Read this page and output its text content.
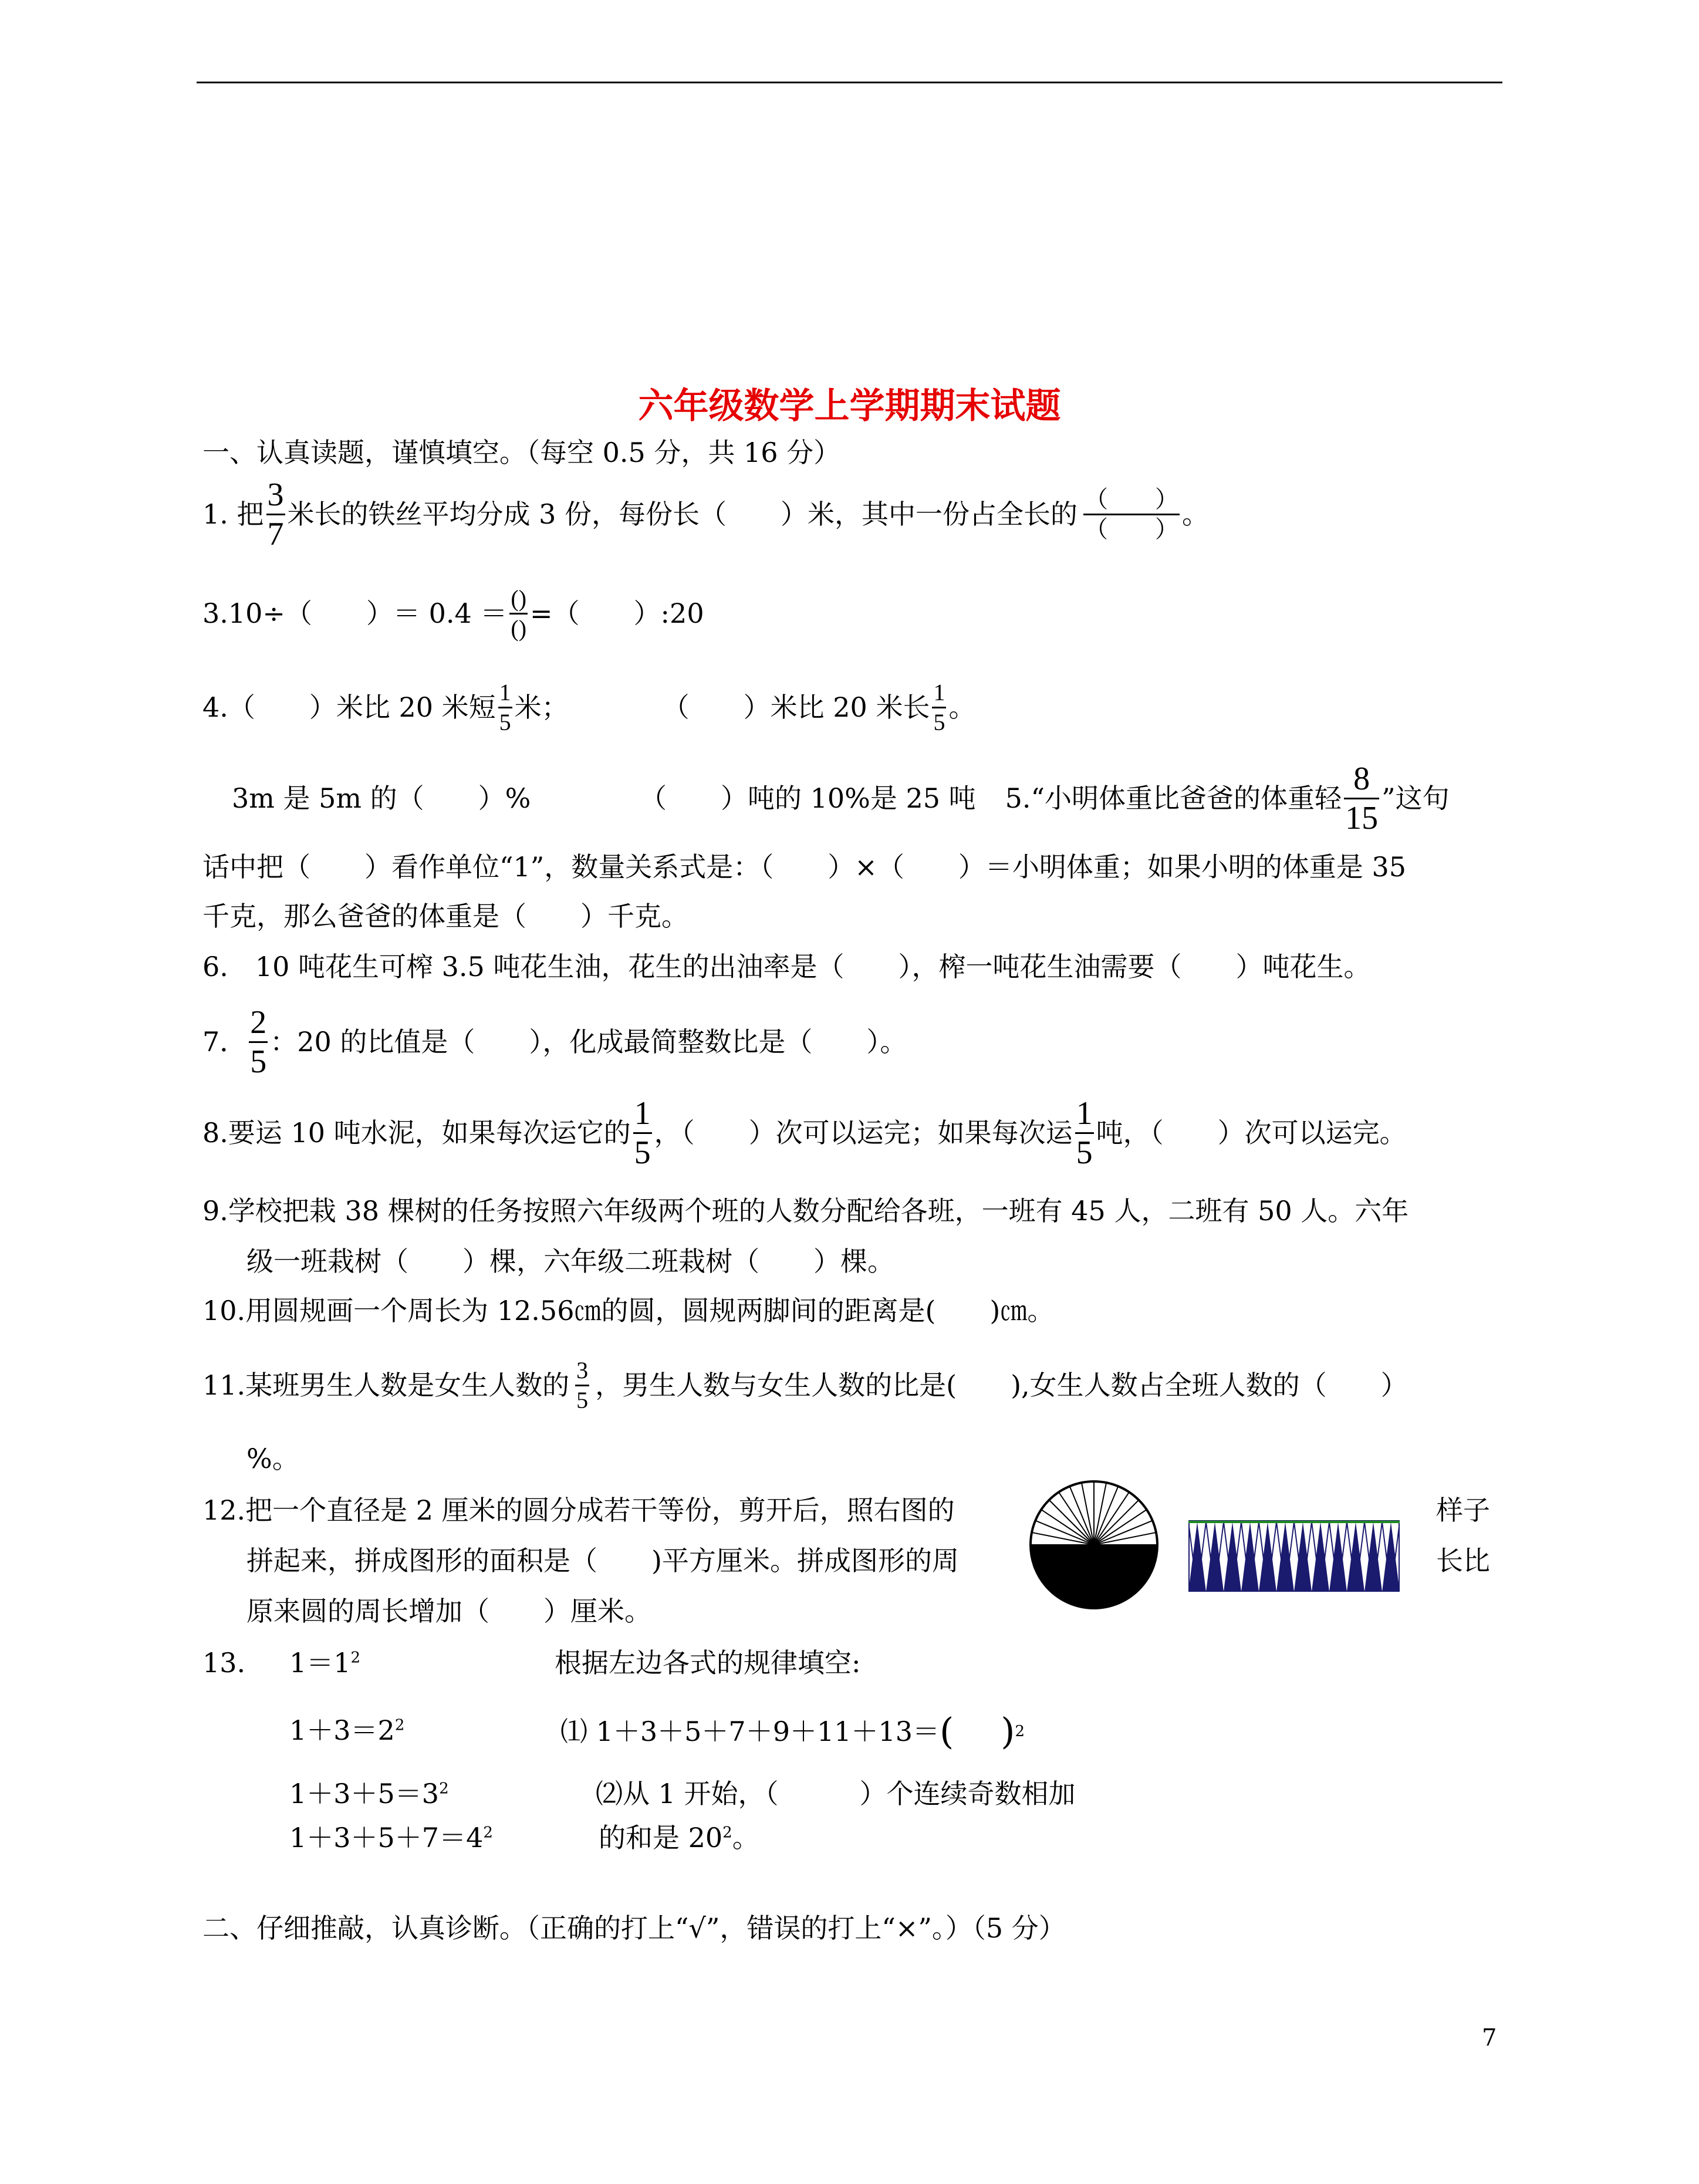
六年级数学上学期期末试题
一、认真读题，谨慎填空。（每空 0.5 分，共 16 分）
1. 把 $\frac{3}{7}$ 米长的铁丝平均分成 3 份，每份长（　　）米，其中一份占全长的 $\frac{( )}{( )}$ 。
3.10÷（　　）＝ $0.4 = \frac{()}{()}$ =（　　）:20
4.（　　）米比 20 米短 $\frac{1}{5}$ 米；	（　　）米比 20 米长 $\frac{1}{5}$ 。
3m 是 5m 的（　　）%	（　　）吨的 10%是 25 吨 5.“小明体重比爸爸的体重轻 $\frac{8}{15}$ ”这句
话中把（　　）看作单位“1”，数量关系式是：（　　）×（　　）＝小明体重；如果小明的体重是 35
千克，那么爸爸的体重是（　　）千克。
6.　10 吨花生可榨 3.5 吨花生油，花生的出油率是（　　），榨一吨花生油需要（　　）吨花生。
7． $\frac{2}{5}$ ：20 的比值是（　　），化成最简整数比是（　　）。
8.要运 10 吨水泥，如果每次运它的 $\frac{1}{5}$ ，（　　）次可以运完；如果每次运 $\frac{1}{5}$ 吨，（　　）次可以运完。
9.学校把栽 38 棵树的任务按照六年级两个班的人数分配给各班，一班有 45 人，二班有 50 人。六年
级一班栽树（　　）棵，六年级二班栽树（　　）棵。
10.用圆规画一个周长为 12.56㎝的圆，圆规两脚间的距离是(　　)㎝。
11.某班男生人数是女生人数的 $\frac{3}{5}$ ，男生人数与女生人数的比是(　　),女生人数占全班人数的（　　）
%。
12.把一个直径是 2 厘米的圆分成若干等份，剪开后，照右图的
拼起来，拼成图形的面积是（　　)平方厘米。拼成图形的周
原来圆的周长增加（　　）厘米。
样子
长比
13. $1=1^2$
$1+3=2^2$
$1+3+5=3^2$
$1+3+5+7=4^2$
根据左边各式的规律填空:
⑴ 1＋3＋5＋7＋9＋11＋13＝ ( ) 2
⑵从 1 开始，（　　　）个连续奇数相加
的和是 $20^2$。
二、仔细推敲，认真诊断。（正确的打上“√”，错误的打上“×”。）（5 分）
7
